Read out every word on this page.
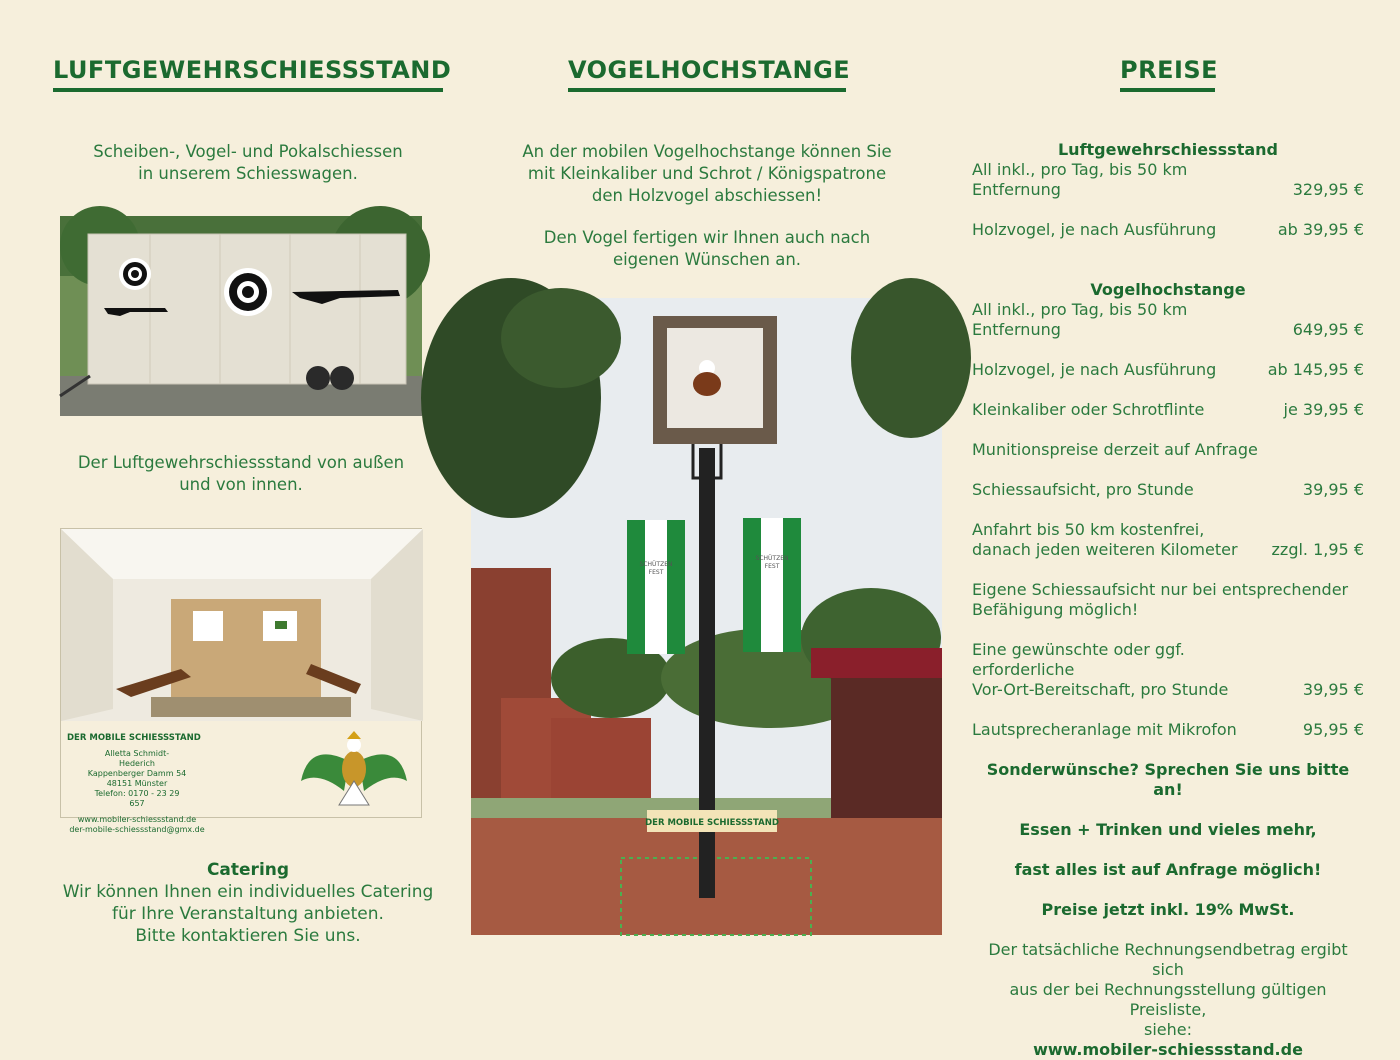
LUFTGEWEHRSCHIESSSTAND
Scheiben-, Vogel- und Pokalschiessen
in unserem Schiesswagen.
Der Luftgewehrschiessstand von außen
und von innen.
DER MOBILE SCHIESSSTAND
Alletta Schmidt-Hederich
Kappenberger Damm 54
48151 Münster
Telefon: 0170 - 23 29 657
www.mobiler-schiessstand.de
der-mobile-schiessstand@gmx.de
Catering
Wir können Ihnen ein individuelles Catering
für Ihre Veranstaltung anbieten.
Bitte kontaktieren Sie uns.
VOGELHOCHSTANGE
An der mobilen Vogelhochstange können Sie
mit Kleinkaliber und Schrot / Königspatrone
den Holzvogel abschiessen!
Den Vogel fertigen wir Ihnen auch nach
eigenen Wünschen an.
SCHÜTZEN
FEST
SCHÜTZEN
FEST
DER MOBILE SCHIESSSTAND
PREISE
Luftgewehrschiessstand
All inkl., pro Tag, bis 50 km Entfernung	329,95 €
Holzvogel, je nach Ausführung	ab 39,95 €
Vogelhochstange
All inkl., pro Tag, bis 50 km Entfernung	649,95 €
Holzvogel, je nach Ausführung	ab 145,95 €
Kleinkaliber oder Schrotflinte	je 39,95 €
Munitionspreise derzeit auf Anfrage
Schiessaufsicht, pro Stunde	39,95 €
Anfahrt bis 50 km kostenfrei,
danach jeden weiteren Kilometer	zzgl. 1,95 €
Eigene Schiessaufsicht nur bei entsprechender
Befähigung möglich!
Eine gewünschte oder ggf. erforderliche
Vor-Ort-Bereitschaft, pro Stunde	39,95 €
Lautsprecheranlage mit Mikrofon	95,95 €
Sonderwünsche? Sprechen Sie uns bitte an!
Essen + Trinken und vieles mehr,
fast alles ist auf Anfrage möglich!
Preise jetzt inkl. 19% MwSt.
Der tatsächliche Rechnungsendbetrag ergibt sich
aus der bei Rechnungsstellung gültigen Preisliste,
siehe:
www.mobiler-schiessstand.de
